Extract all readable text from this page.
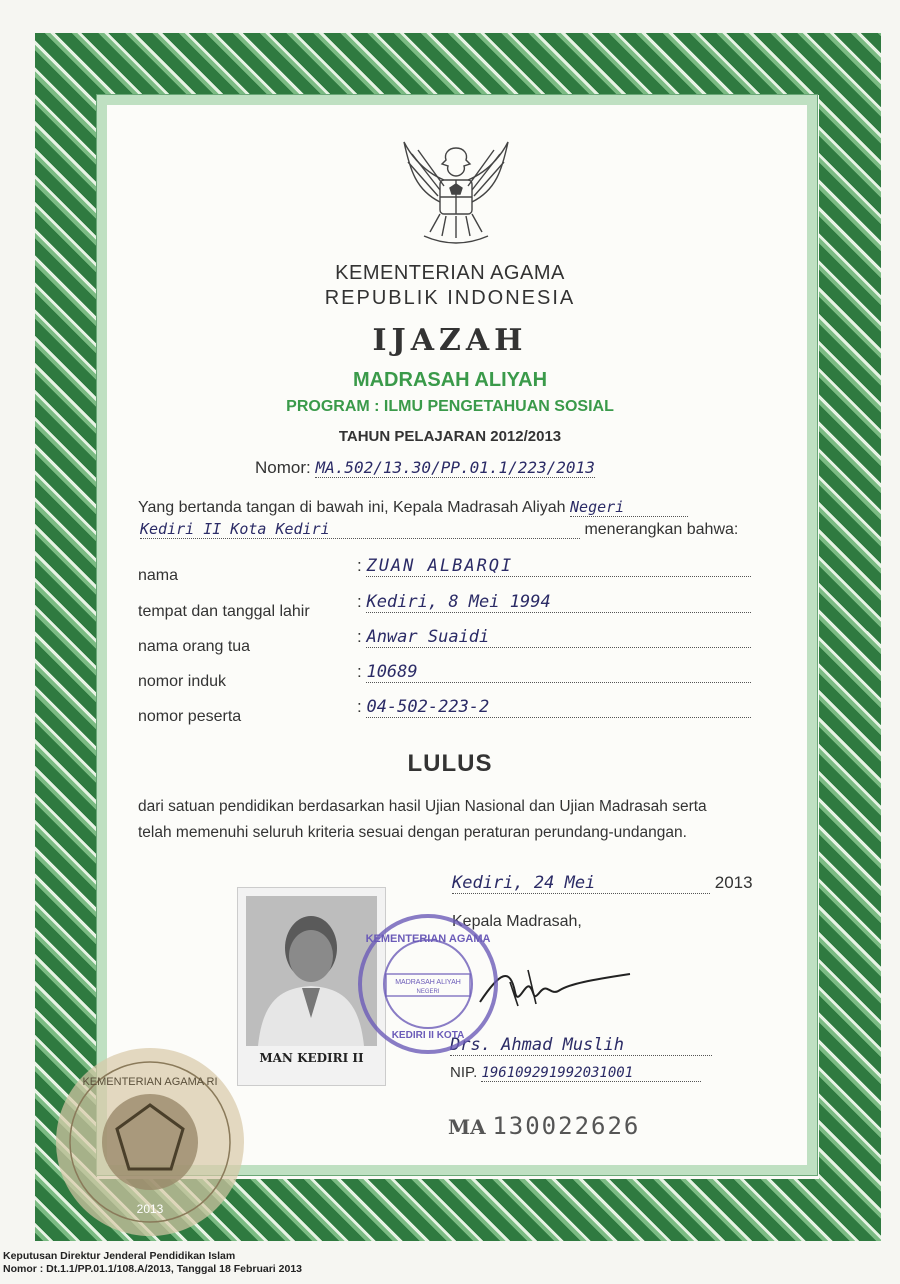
KEMENTERIAN AGAMA
REPUBLIK INDONESIA
IJAZAH
MADRASAH ALIYAH
PROGRAM : ILMU PENGETAHUAN SOSIAL
TAHUN PELAJARAN 2012/2013
Nomor: MA.502/13.30/PP.01.1/223/2013
Yang bertanda tangan di bawah ini, Kepala Madrasah Aliyah Negeri
Kediri II Kota Kediri	menerangkan bahwa:
nama
tempat dan tanggal lahir
nama orang tua
nomor induk
nomor peserta
: ZUAN ALBARQI
: Kediri, 8 Mei 1994
: Anwar Suaidi
: 10689
: 04-502-223-2
LULUS
dari satuan pendidikan berdasarkan hasil Ujian Nasional dan Ujian Madrasah serta
telah memenuhi seluruh kriteria sesuai dengan peraturan perundang-undangan.
Kediri, 24 Mei	2013
Kepala Madrasah,
Drs. Ahmad Muslih
NIP. 196109291992031001
MAN KEDIRI II
KEMENTERIAN AGAMA
MADRASAH ALIYAH
NEGERI
KEDIRI II KOTA
KEMENTERIAN AGAMA RI
2013
MA 130022626
Keputusan Direktur Jenderal Pendidikan Islam
Nomor : Dt.1.1/PP.01.1/108.A/2013, Tanggal 18 Februari 2013
